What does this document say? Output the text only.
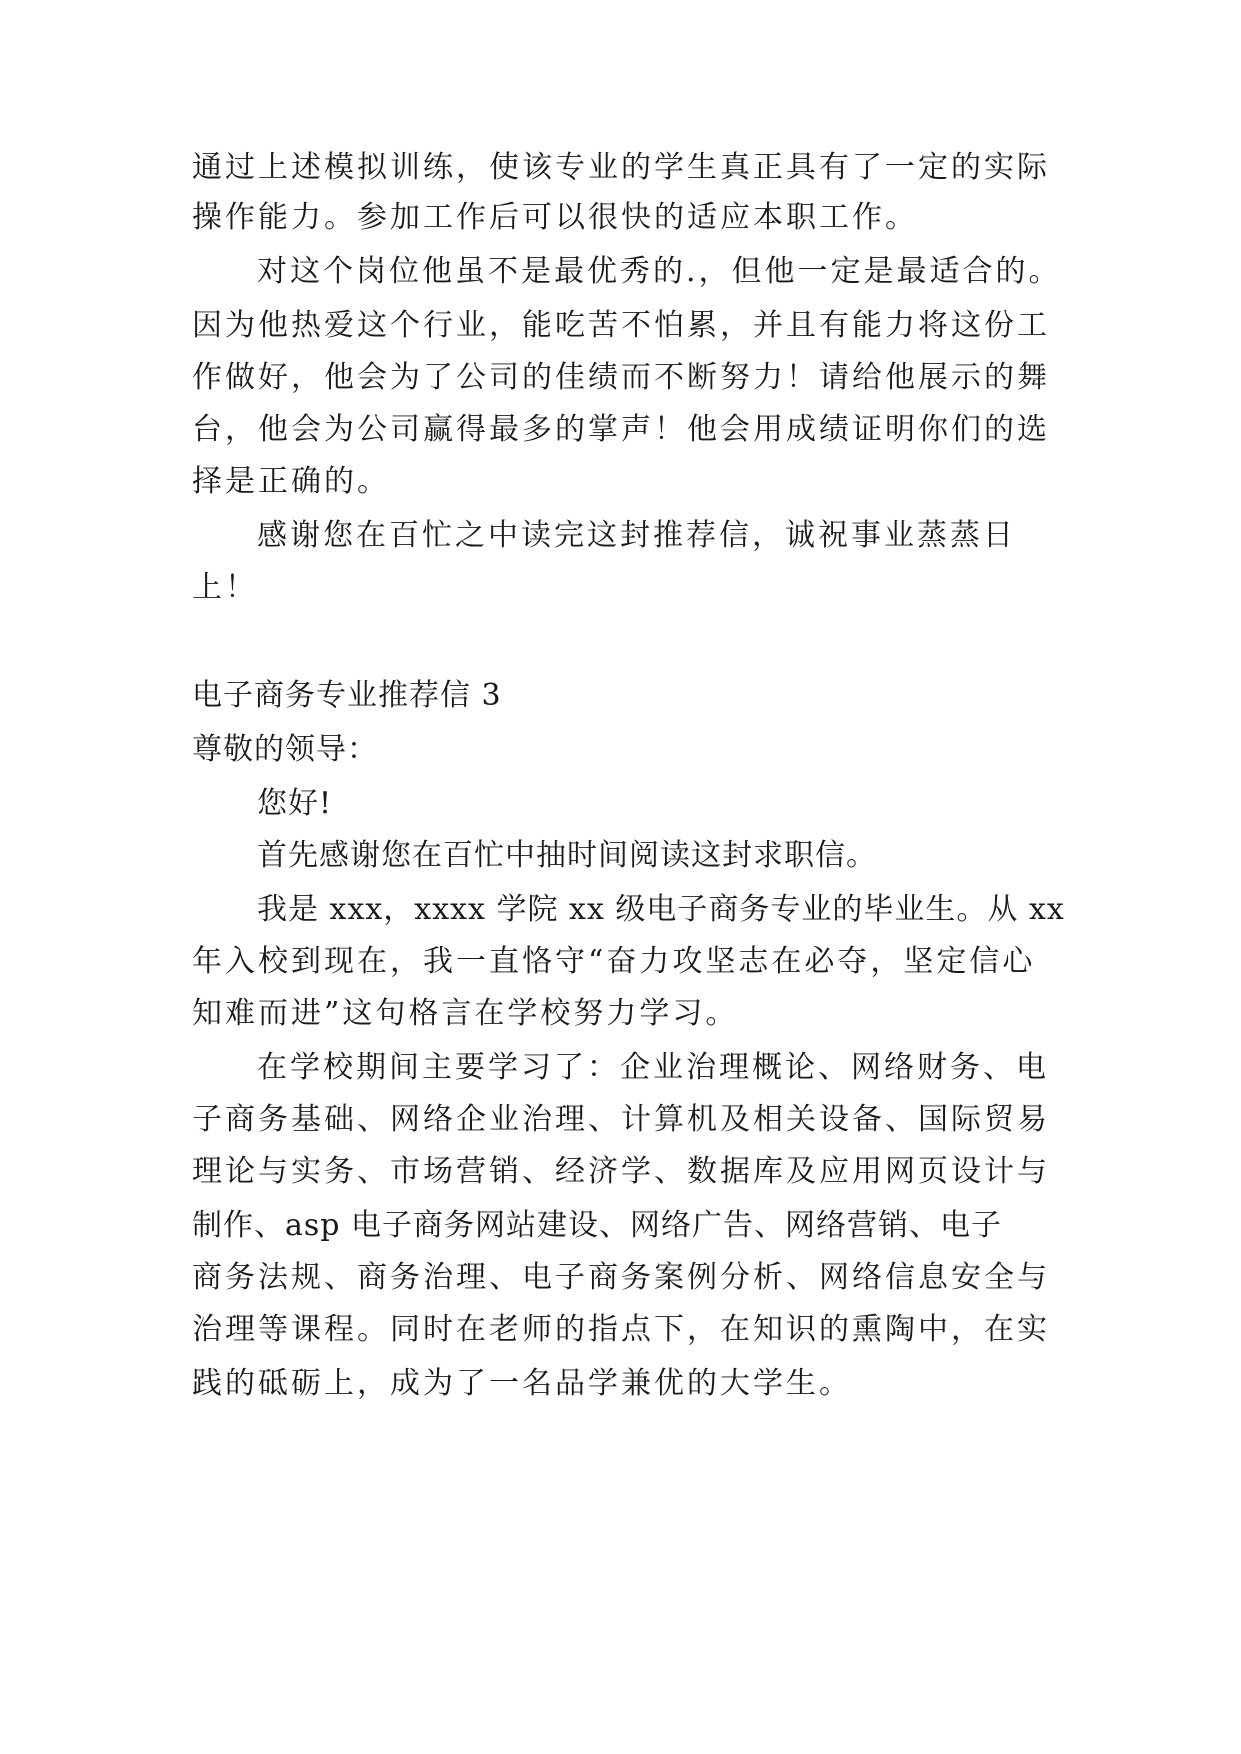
通过上述模拟训练，使该专业的学生真正具有了一定的实际
操作能力。参加工作后可以很快的适应本职工作。
对这个岗位他虽不是最优秀的.，但他一定是最适合的。
因为他热爱这个行业，能吃苦不怕累，并且有能力将这份工
作做好，他会为了公司的佳绩而不断努力！请给他展示的舞
台，他会为公司赢得最多的掌声！他会用成绩证明你们的选
择是正确的。
感谢您在百忙之中读完这封推荐信，诚祝事业蒸蒸日
上！
电子商务专业推荐信 3
尊敬的领导：
您好!
首先感谢您在百忙中抽时间阅读这封求职信。
我是 xxx，xxxx 学院 xx 级电子商务专业的毕业生。从 xx
年入校到现在，我一直恪守“奋力攻坚志在必夺，坚定信心
知难而进”这句格言在学校努力学习。
在学校期间主要学习了：企业治理概论、网络财务、电
子商务基础、网络企业治理、计算机及相关设备、国际贸易
理论与实务、市场营销、经济学、数据库及应用网页设计与
制作、asp 电子商务网站建设、网络广告、网络营销、电子
商务法规、商务治理、电子商务案例分析、网络信息安全与
治理等课程。同时在老师的指点下，在知识的熏陶中，在实
践的砥砺上，成为了一名品学兼优的大学生。
